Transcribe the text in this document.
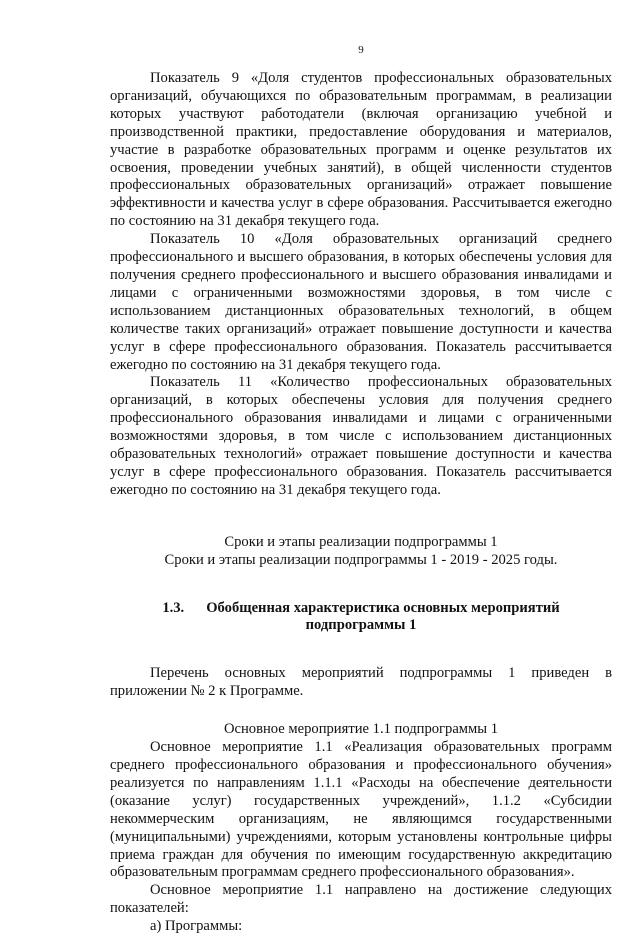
9

Показатель 9 «Доля студентов профессиональных образовательных организаций, обучающихся по образовательным программам, в реализации которых участвуют работодатели (включая организацию учебной и производственной практики, предоставление оборудования и материалов, участие в разработке образовательных программ и оценке результатов их освоения, проведении учебных занятий), в общей численности студентов профессиональных образовательных организаций» отражает повышение эффективности и качества услуг в сфере образования. Рассчитывается ежегодно по состоянию на 31 декабря текущего года.

Показатель 10 «Доля образовательных организаций среднего профессионального и высшего образования, в которых обеспечены условия для получения среднего профессионального и высшего образования инвалидами и лицами с ограниченными возможностями здоровья, в том числе с использованием дистанционных образовательных технологий, в общем количестве таких организаций» отражает повышение доступности и качества услуг в сфере профессионального образования. Показатель рассчитывается ежегодно по состоянию на 31 декабря текущего года.

Показатель 11 «Количество профессиональных образовательных организаций, в которых обеспечены условия для получения среднего профессионального образования инвалидами и лицами с ограниченными возможностями здоровья, в том числе с использованием дистанционных образовательных технологий» отражает повышение доступности и качества услуг в сфере профессионального образования. Показатель рассчитывается ежегодно по состоянию на 31 декабря текущего года.

Сроки и этапы реализации подпрограммы 1

Сроки и этапы реализации подпрограммы 1 - 2019 - 2025 годы.

1.3. Обобщенная характеристика основных мероприятий подпрограммы 1

Перечень основных мероприятий подпрограммы 1 приведен в приложении № 2 к Программе.

Основное мероприятие 1.1 подпрограммы 1

Основное мероприятие 1.1 «Реализация образовательных программ среднего профессионального образования и профессионального обучения» реализуется по направлениям 1.1.1 «Расходы на обеспечение деятельности (оказание услуг) государственных учреждений», 1.1.2 «Субсидии некоммерческим организациям, не являющимся государственными (муниципальными) учреждениями, которым установлены контрольные цифры приема граждан для обучения по имеющим государственную аккредитацию образовательным программам среднего профессионального образования».

Основное мероприятие 1.1 направлено на достижение следующих показателей:

а) Программы:
